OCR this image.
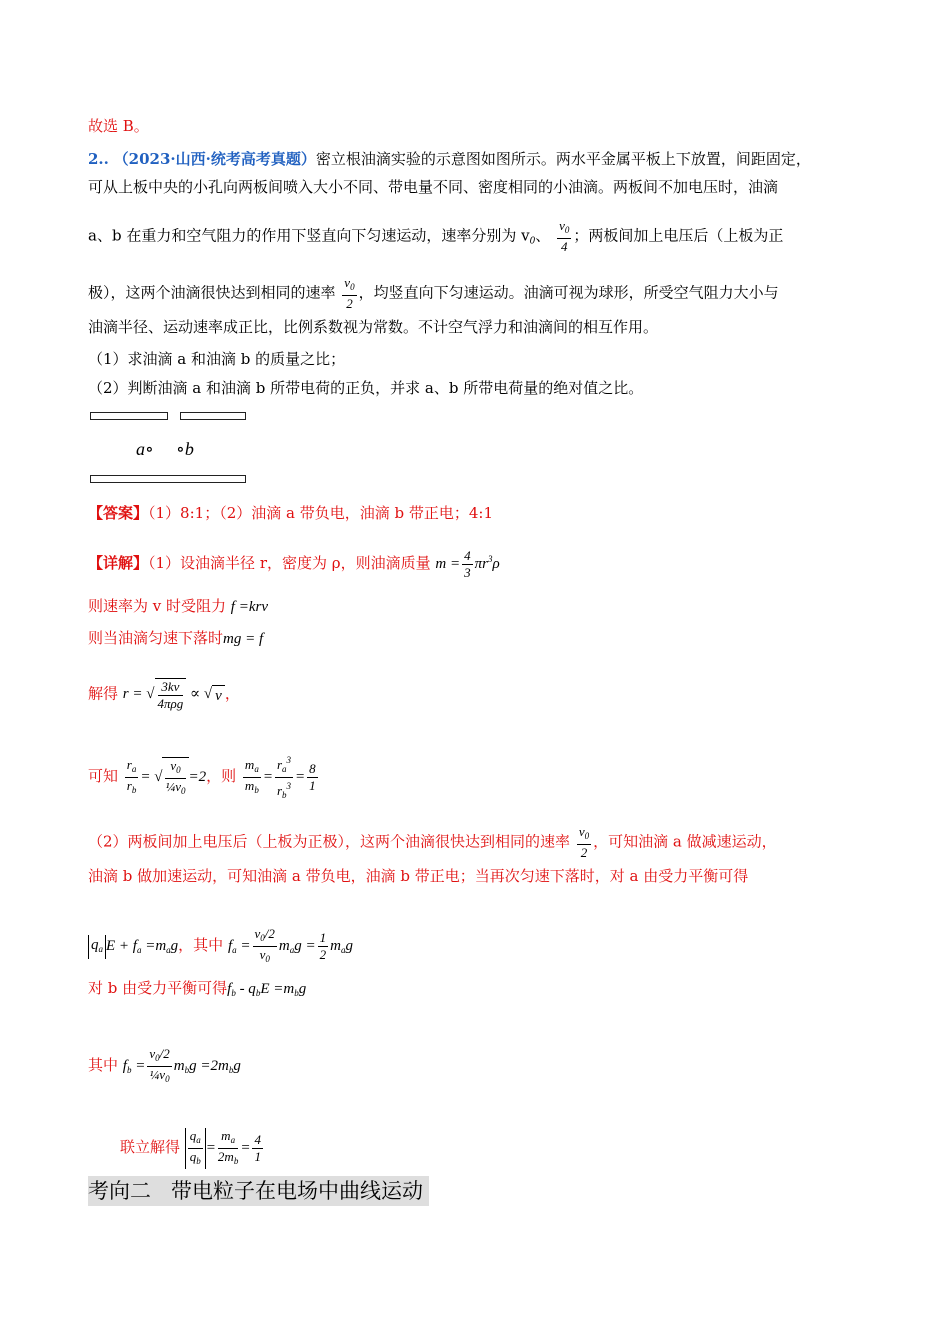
故选 B。
2.. （2023·山西·统考高考真题）密立根油滴实验的示意图如图所示。两水平金属平板上下放置，间距固定，
可从上板中央的小孔向两板间喷入大小不同、带电量不同、密度相同的小油滴。两板间不加电压时，油滴
a、b 在重力和空气阻力的作用下竖直向下匀速运动，速率分别为 $v_0$、 $\frac{v_0}{4}$ ；两板间加上电压后（上板为正
极），这两个油滴很快达到相同的速率 $\frac{v_0}{2}$ ，均竖直向下匀速运动。油滴可视为球形，所受空气阻力大小与
油滴半径、运动速率成正比，比例系数视为常数。不计空气浮力和油滴间的相互作用。
（1）求油滴 a 和油滴 b 的质量之比；
（2）判断油滴 a 和油滴 b 所带电荷的正负，并求 a、b 所带电荷量的绝对值之比。
a∘ ∘b
【答案】（1）8:1；（2）油滴 a 带负电，油滴 b 带正电；4:1
【详解】（1）设油滴半径 r，密度为 ρ，则油滴质量 $m = \frac{4}{3} \pi r^3\rho$
则速率为 v 时受阻力 f =krv
则当油滴匀速下落时mg = f
解得 r = √ $\frac{3kv}{\text{4πρg}}$ ∝ √ v ，
可知 $\frac{r_a}{r_b}$ = √ $\frac{v_0}{\frac{1}{4}v_0} =2$，则 $\frac{m_a}{m_b} = \frac{r_a^3}{r_b^3} = \frac{8}{1}$
（2）两板间加上电压后（上板为正极），这两个油滴很快达到相同的速率 $\frac{v_0}{2}$ ，可知油滴 a 做减速运动，
油滴 b 做加速运动，可知油滴 a 带负电，油滴 b 带正电；当再次匀速下落时，对 a 由受力平衡可得
$q_a$ $E + f_a =m_ag$，其中 $f_a = \frac{v_0/2}{v_0} m_ag = \frac{1}{2} m_ag$
对 b 由受力平衡可得$f_b - q_bE =m_bg$
其中 $f_b = \frac{v_0/2}{\frac{1}{4}v_0} m_bg =2m_bg$
联立解得 $\frac{q_a}{q_b} = \frac{m_a}{2m_b} = \frac{4}{1}$
考向二 带电粒子在电场中曲线运动
